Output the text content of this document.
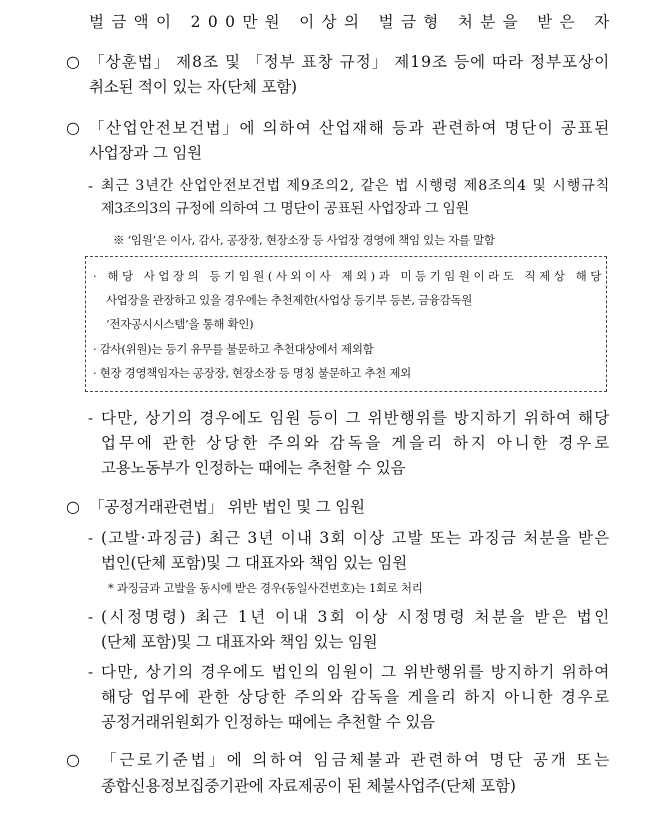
벌금액이 200만원 이상의 벌금형 처분을 받은 자
○ 「상훈법」 제8조 및 「정부 표창 규정」 제19조 등에 따라 정부포상이
취소된 적이 있는 자(단체 포함)
○ 「산업안전보건법」에 의하여 산업재해 등과 관련하여 명단이 공표된
사업장과 그 임원
- 최근 3년간 산업안전보건법 제9조의2, 같은 법 시행령 제8조의4 및 시행규칙
제3조의3의 규정에 의하여 그 명단이 공표된 사업장과 그 임원
※ ‘임원’은 이사, 감사, 공장장, 현장소장 등 사업장 경영에 책임 있는 자를 말함
· 해당 사업장의 등기임원(사외이사 제외)과 미등기임원이라도 직제상 해당
사업장을 관장하고 있을 경우에는 추천제한(사업상 등기부 등본, 금융감독원
‘전자공시시스템’을 통해 확인)
· 감사(위원)는 등기 유무를 불문하고 추천대상에서 제외함
· 현장 경영책임자는 공장장, 현장소장 등 명칭 불문하고 추천 제외
- 다만, 상기의 경우에도 임원 등이 그 위반행위를 방지하기 위하여 해당
업무에 관한 상당한 주의와 감독을 게을리 하지 아니한 경우로
고용노동부가 인정하는 때에는 추천할 수 있음
○ 「공정거래관련법」 위반 법인 및 그 임원
- (고발·과징금) 최근 3년 이내 3회 이상 고발 또는 과징금 처분을 받은
법인(단체 포함)및 그 대표자와 책임 있는 임원
* 과징금과 고발을 동시에 받은 경우(동일사건번호)는 1회로 처리
- (시정명령) 최근 1년 이내 3회 이상 시정명령 처분을 받은 법인
(단체 포함)및 그 대표자와 책임 있는 임원
- 다만, 상기의 경우에도 법인의 임원이 그 위반행위를 방지하기 위하여
해당 업무에 관한 상당한 주의와 감독을 게을리 하지 아니한 경우로
공정거래위원회가 인정하는 때에는 추천할 수 있음
○ 「근로기준법」에 의하여 임금체불과 관련하여 명단 공개 또는
종합신용정보집중기관에 자료제공이 된 체불사업주(단체 포함)
